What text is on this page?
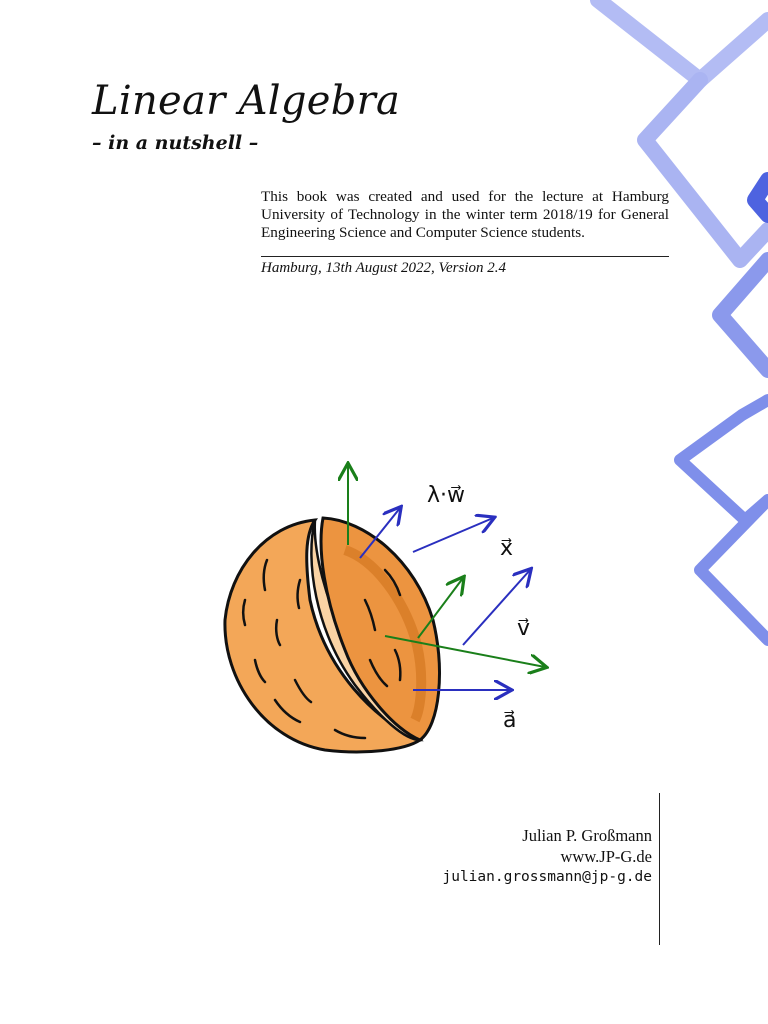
Linear Algebra
– in a nutshell –
This book was created and used for the lecture at Hamburg University of Technology in the winter term 2018/19 for General Engineering Science and Computer Science students.
Hamburg, 13th August 2022, Version 2.4
λ·w⃗
x⃗
v⃗
a⃗
Julian P. Großmann
www.JP-G.de
julian.grossmann@jp-g.de
